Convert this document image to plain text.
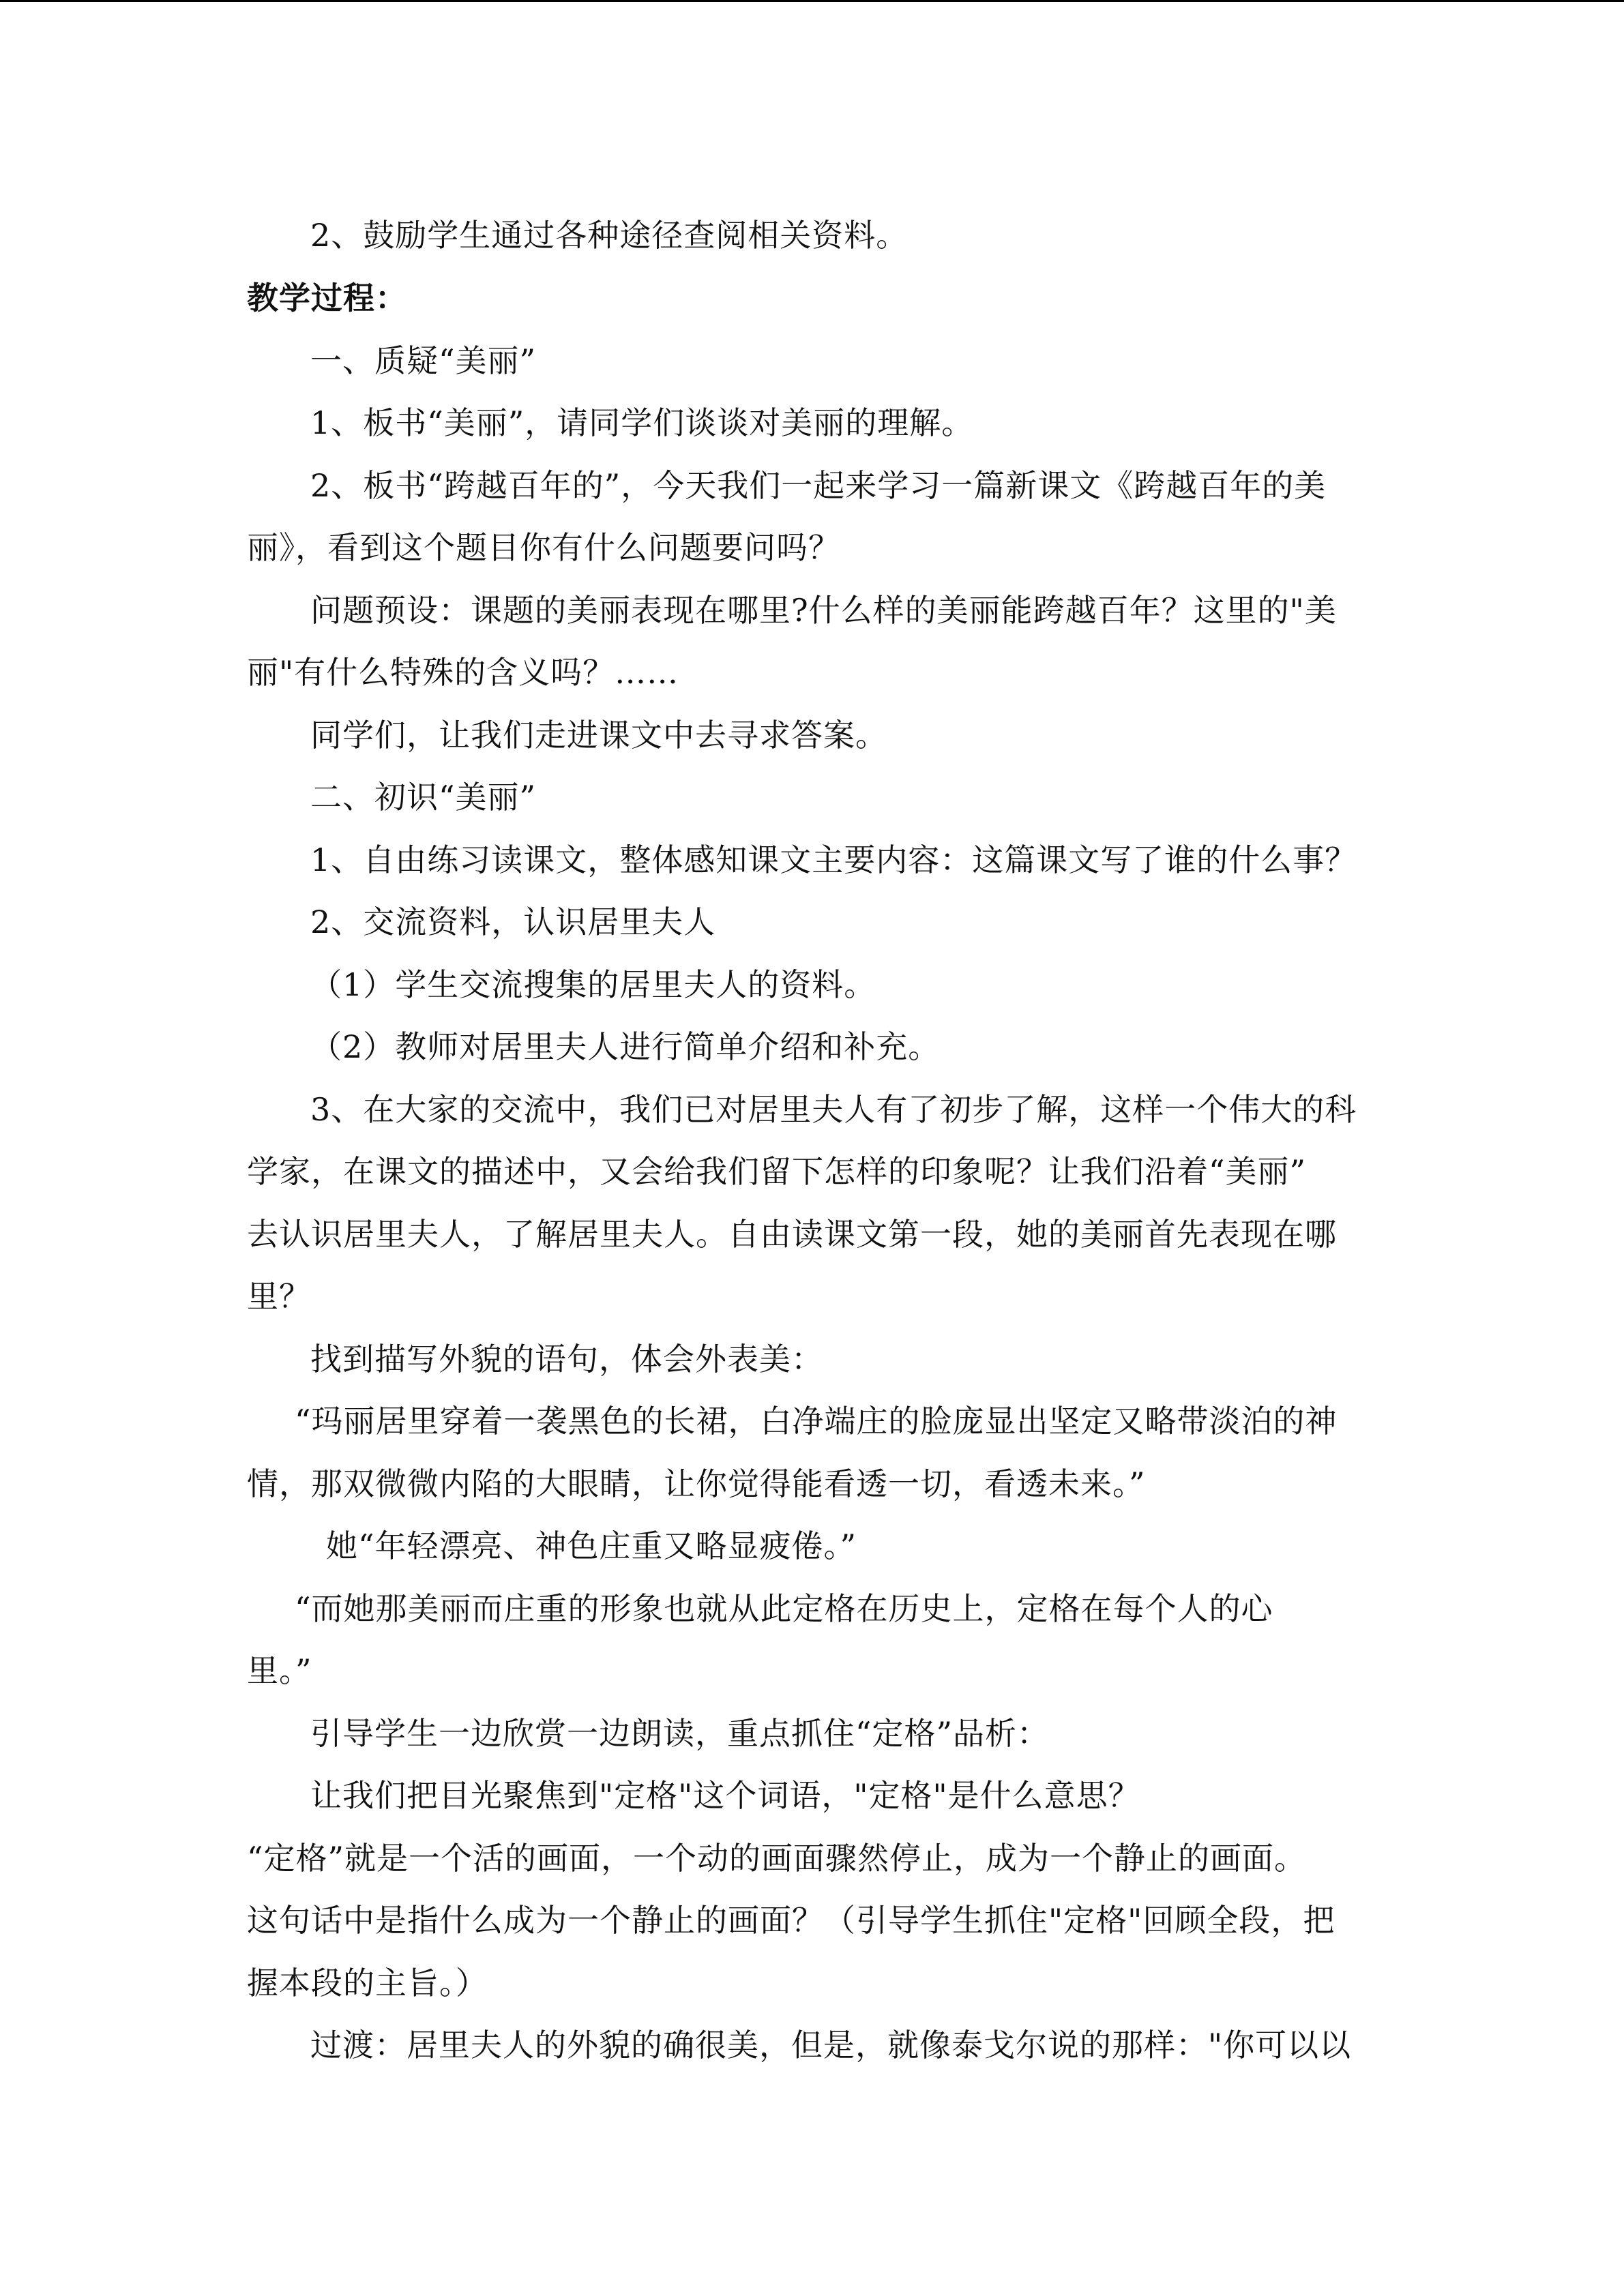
2、鼓励学生通过各种途径查阅相关资料。
教学过程：
一、质疑“美丽”
1、板书“美丽”，请同学们谈谈对美丽的理解。
2、板书“跨越百年的”，今天我们一起来学习一篇新课文《跨越百年的美
丽》，看到这个题目你有什么问题要问吗？
问题预设：课题的美丽表现在哪里?什么样的美丽能跨越百年？这里的"美
丽"有什么特殊的含义吗？……
同学们，让我们走进课文中去寻求答案。
二、初识“美丽”
1、自由练习读课文，整体感知课文主要内容：这篇课文写了谁的什么事？
2、交流资料，认识居里夫人
（1）学生交流搜集的居里夫人的资料。
（2）教师对居里夫人进行简单介绍和补充。
3、在大家的交流中，我们已对居里夫人有了初步了解，这样一个伟大的科
学家，在课文的描述中，又会给我们留下怎样的印象呢？让我们沿着“美丽”
去认识居里夫人，了解居里夫人。自由读课文第一段，她的美丽首先表现在哪
里？
找到描写外貌的语句，体会外表美：
“玛丽居里穿着一袭黑色的长裙，白净端庄的脸庞显出坚定又略带淡泊的神
情，那双微微内陷的大眼睛，让你觉得能看透一切，看透未来。”
她“年轻漂亮、神色庄重又略显疲倦。”
“而她那美丽而庄重的形象也就从此定格在历史上，定格在每个人的心
里。”
引导学生一边欣赏一边朗读，重点抓住“定格”品析：
让我们把目光聚焦到"定格"这个词语，"定格"是什么意思？
“定格”就是一个活的画面，一个动的画面骤然停止，成为一个静止的画面。
这句话中是指什么成为一个静止的画面？（引导学生抓住"定格"回顾全段，把
握本段的主旨。）
过渡：居里夫人的外貌的确很美，但是，就像泰戈尔说的那样："你可以以
